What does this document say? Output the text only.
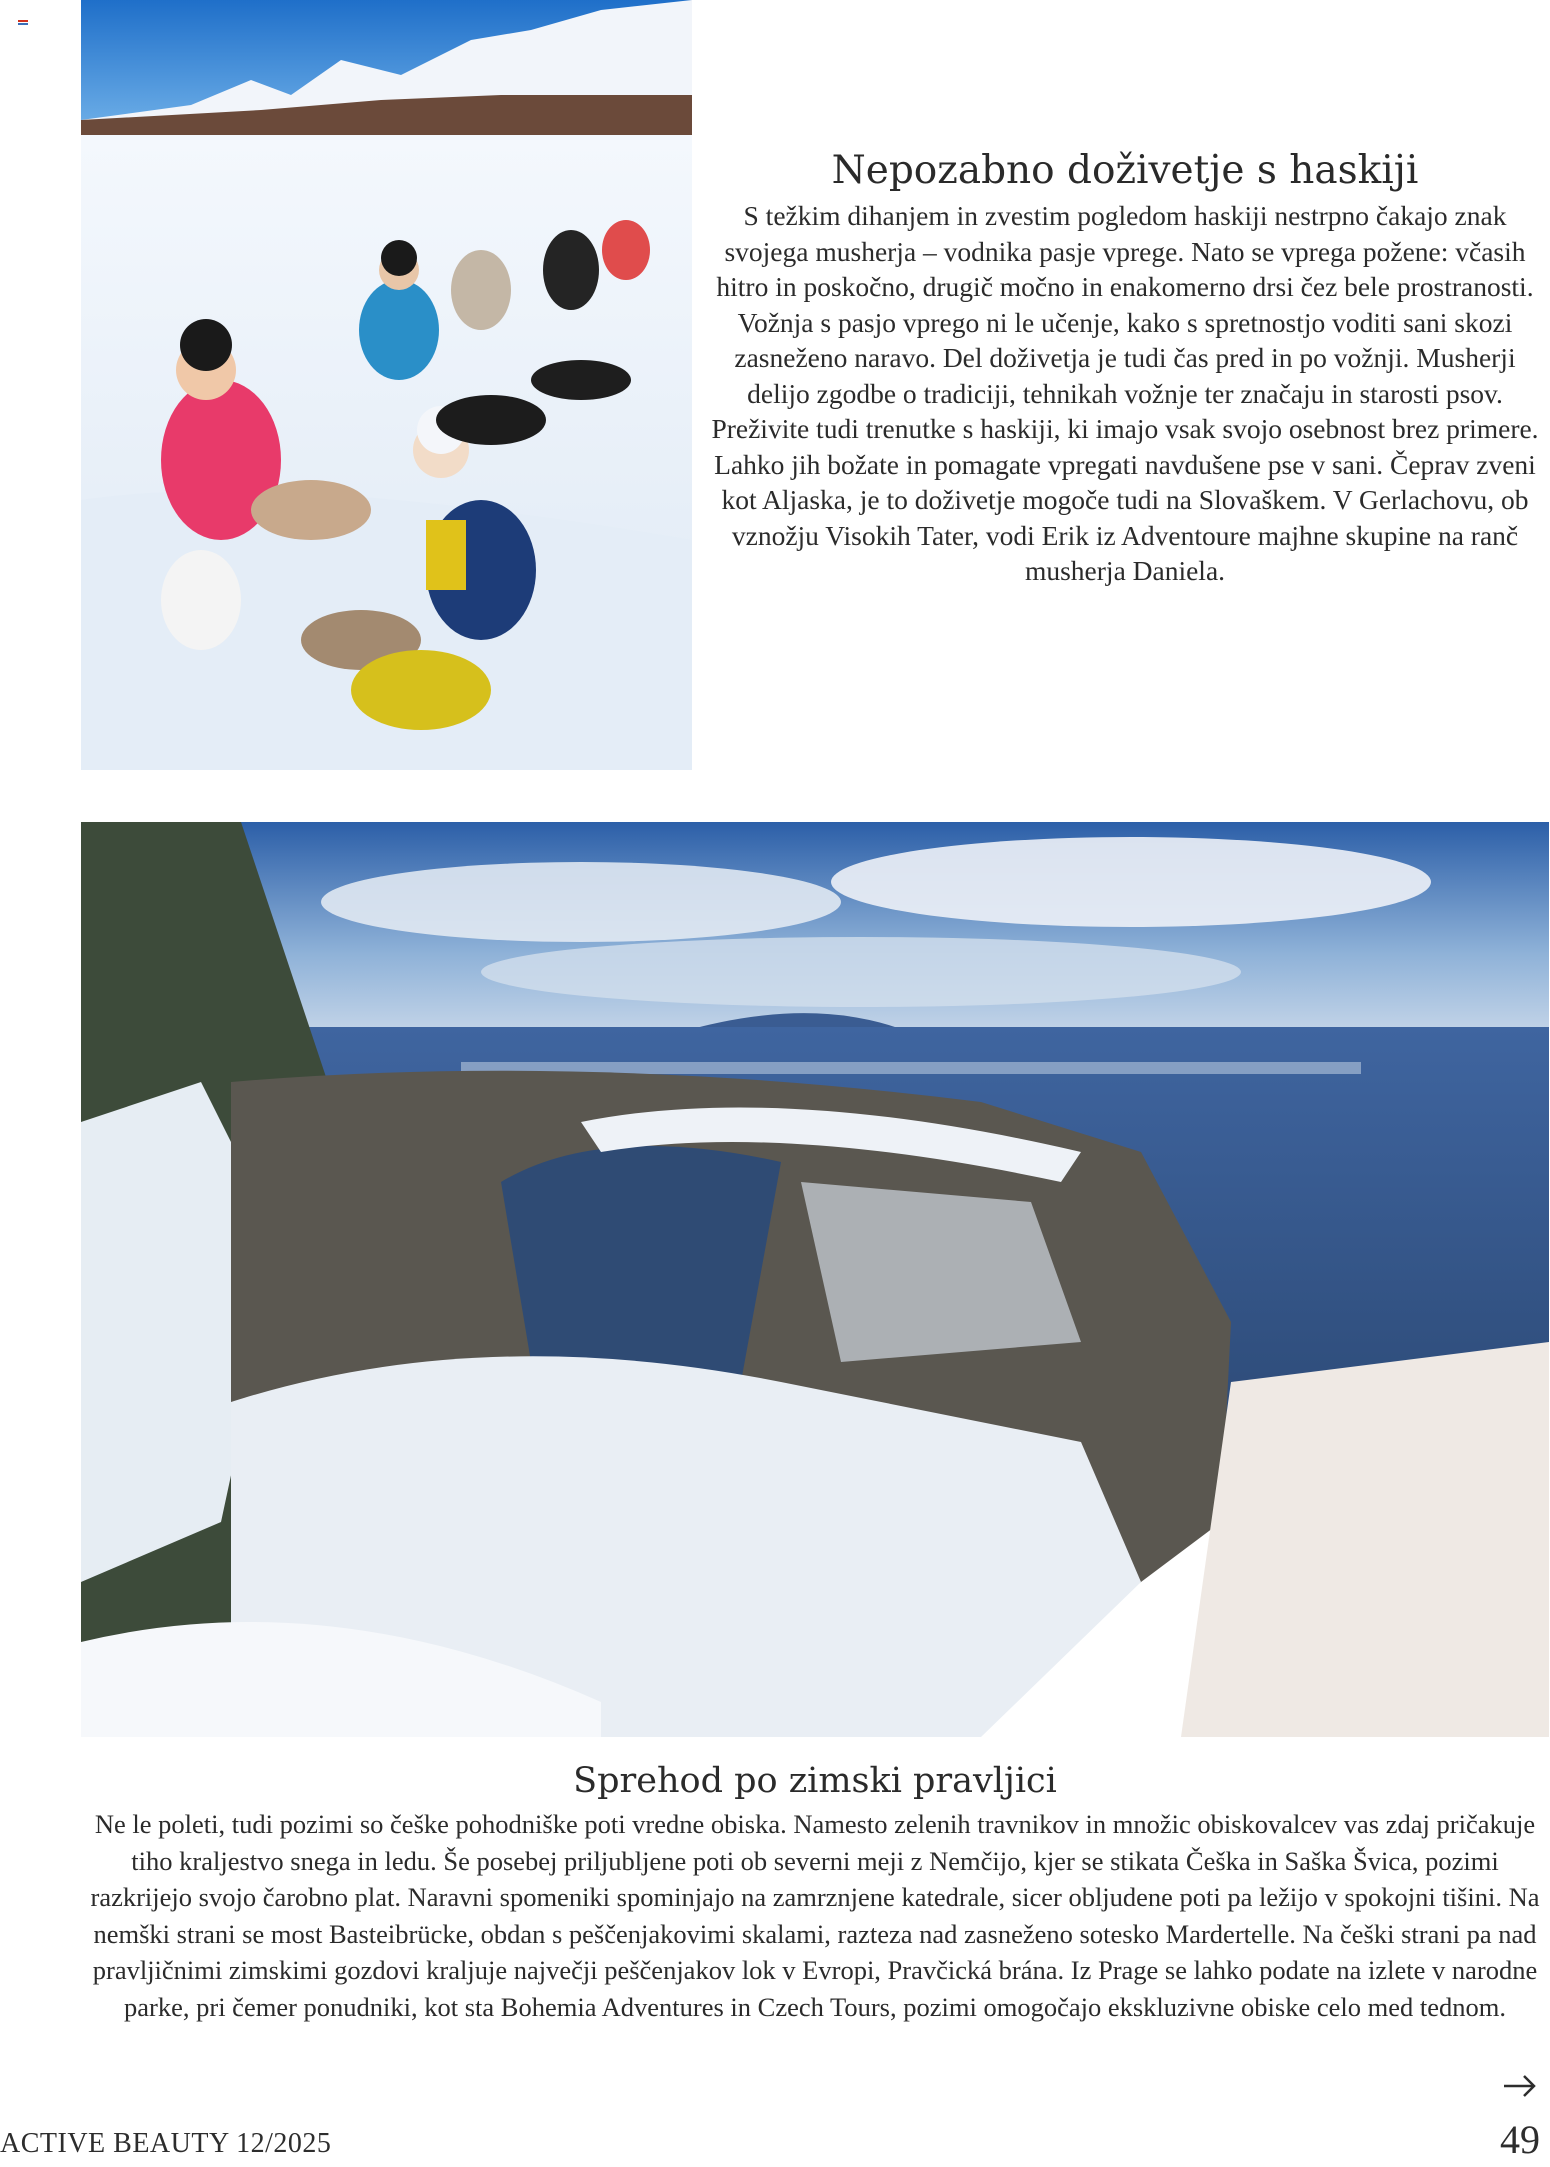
Nepozabno doživetje s haskiji

S težkim dihanjem in zvestim pogledom haskiji nestrpno čakajo znak svojega musherja – vodnika pasje vprege. Nato se vprega požene: včasih hitro in poskočno, drugič močno in enakomerno drsi čez bele prostranosti. Vožnja s pasjo vprego ni le učenje, kako s spretnostjo voditi sani skozi zasneženo naravo. Del doživetja je tudi čas pred in po vožnji. Musherji delijo zgodbe o tradiciji, tehnikah vožnje ter značaju in starosti psov. Preživite tudi trenutke s haskiji, ki imajo vsak svojo osebnost brez primere. Lahko jih božate in pomagate vpregati navdušene pse v sani. Čeprav zveni kot Aljaska, je to doživetje mogoče tudi na Slovaškem. V Gerlachovu, ob vznožju Visokih Tater, vodi Erik iz Adventoure majhne skupine na ranč musherja Daniela.

Sprehod po zimski pravljici

Ne le poleti, tudi pozimi so češke pohodniške poti vredne obiska. Namesto zelenih travnikov in množic obiskovalcev vas zdaj pričakuje tiho kraljestvo snega in ledu. Še posebej priljubljene poti ob severni meji z Nemčijo, kjer se stikata Češka in Saška Švica, pozimi razkrijejo svojo čarobno plat. Naravni spomeniki spominjajo na zamrznjene katedrale, sicer obljudene poti pa ležijo v spokojni tišini. Na nemški strani se most Basteibrücke, obdan s peščenjakovimi skalami, razteza nad zasneženo sotesko Mardertelle. Na češki strani pa nad pravljičnimi zimskimi gozdovi kraljuje največji peščenjakov lok v Evropi, Pravčická brána. Iz Prage se lahko podate na izlete v narodne parke, pri čemer ponudniki, kot sta Bohemia Adventures in Czech Tours, pozimi omogočajo ekskluzivne obiske celo med tednom.

ACTIVE BEAUTY 12/2025	49
